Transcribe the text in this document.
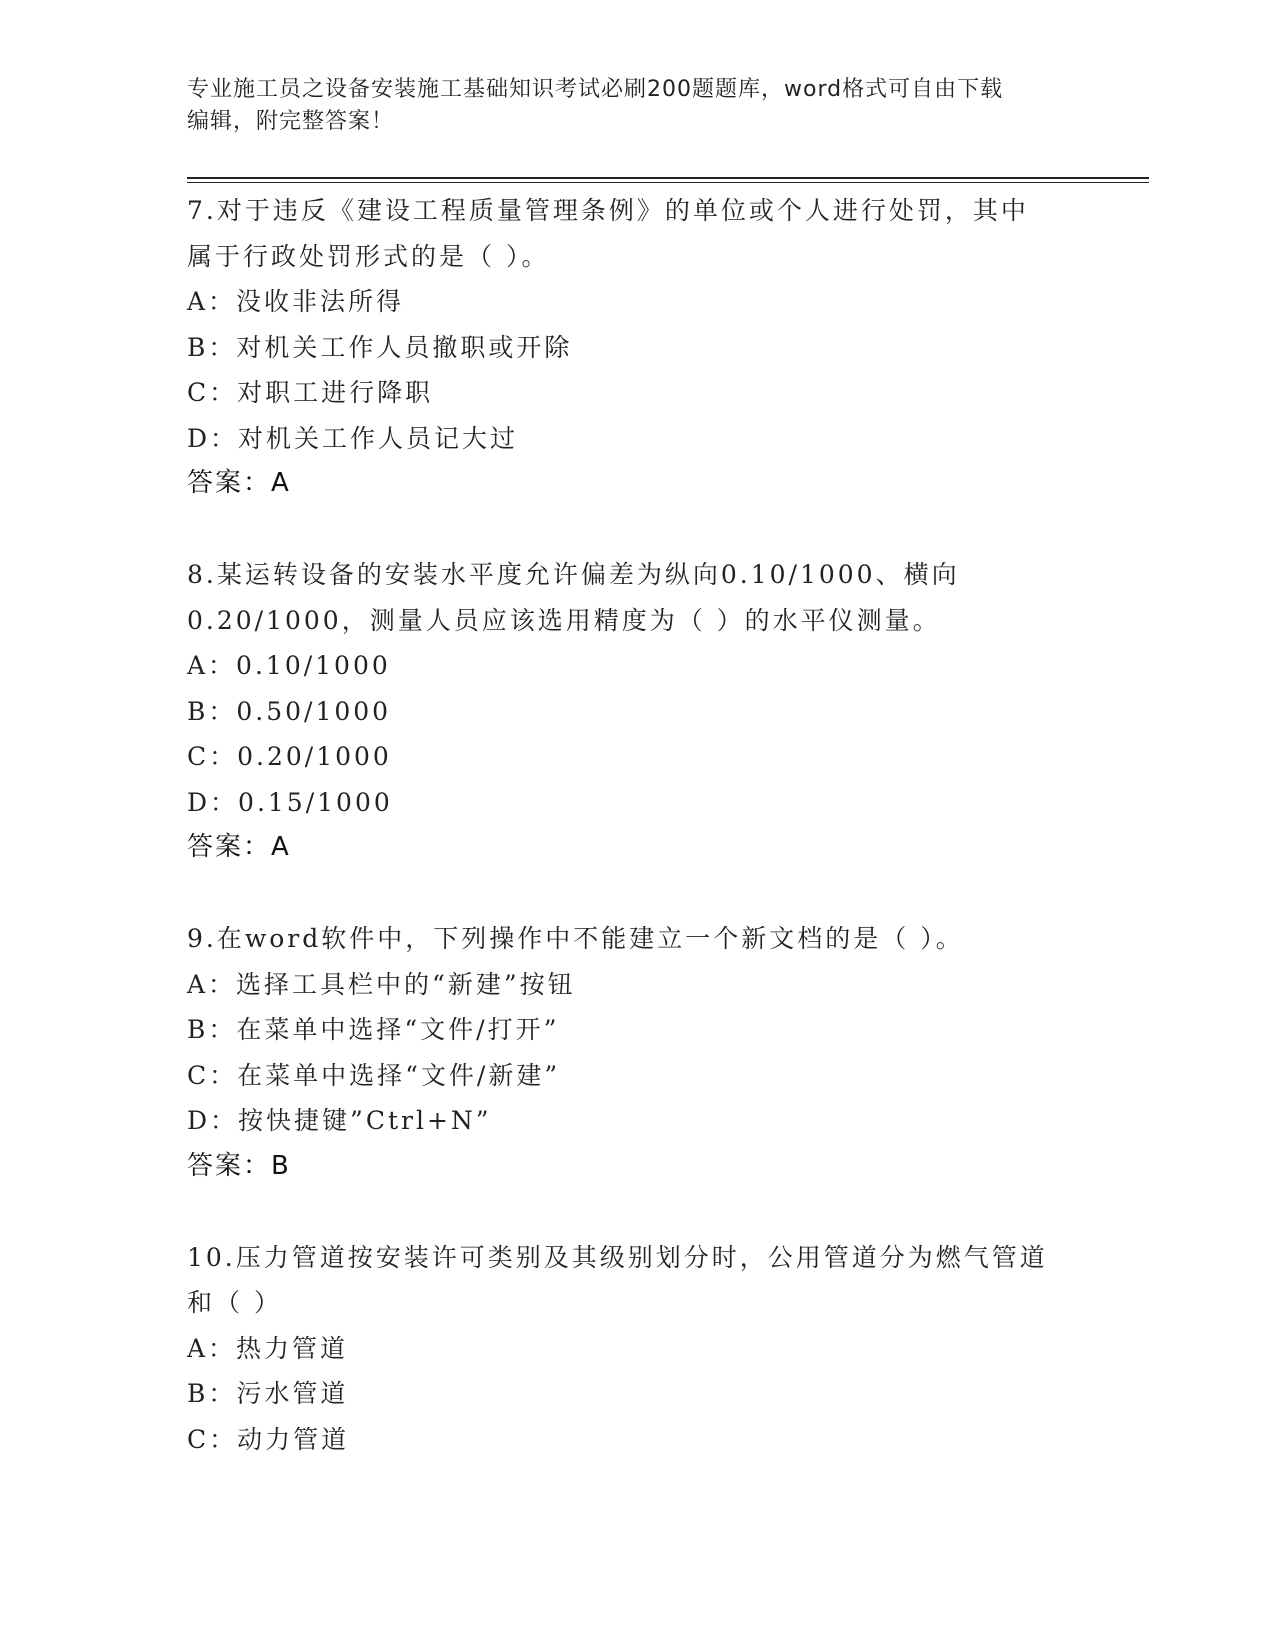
专业施工员之设备安装施工基础知识考试必刷200题题库，word格式可自由下载
编辑，附完整答案！
7.对于违反《建设工程质量管理条例》的单位或个人进行处罚，其中
属于行政处罚形式的是（ ）。
A：没收非法所得
B：对机关工作人员撤职或开除
C：对职工进行降职
D：对机关工作人员记大过
答案：A
8.某运转设备的安装水平度允许偏差为纵向0.10/1000、横向
0.20/1000，测量人员应该选用精度为（ ）的水平仪测量。
A：0.10/1000
B：0.50/1000
C：0.20/1000
D：0.15/1000
答案：A
9.在word软件中，下列操作中不能建立一个新文档的是（ ）。
A：选择工具栏中的“新建”按钮
B：在菜单中选择“文件/打开”
C：在菜单中选择“文件/新建”
D：按快捷键”Ctrl+N”
答案：B
10.压力管道按安装许可类别及其级别划分时，公用管道分为燃气管道
和（ ）
A：热力管道
B：污水管道
C：动力管道
